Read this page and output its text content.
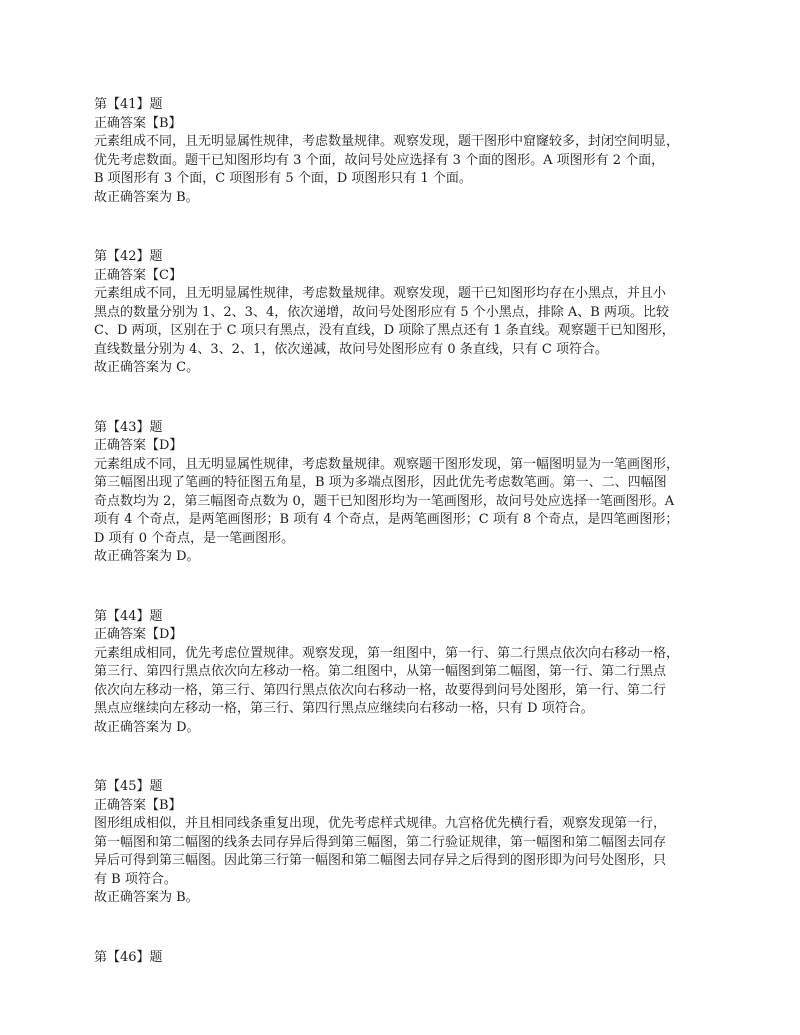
第【41】题
正确答案【B】
元素组成不同，且无明显属性规律，考虑数量规律。观察发现，题干图形中窟窿较多，封闭空间明显，
优先考虑数面。题干已知图形均有 3 个面，故问号处应选择有 3 个面的图形。A 项图形有 2 个面，
B 项图形有 3 个面，C 项图形有 5 个面，D 项图形只有 1 个面。
故正确答案为 B。
第【42】题
正确答案【C】
元素组成不同，且无明显属性规律，考虑数量规律。观察发现，题干已知图形均存在小黑点，并且小
黑点的数量分别为 1、2、3、4，依次递增，故问号处图形应有 5 个小黑点，排除 A、B 两项。比较
C、D 两项，区别在于 C 项只有黑点，没有直线，D 项除了黑点还有 1 条直线。观察题干已知图形，
直线数量分别为 4、3、2、1，依次递减，故问号处图形应有 0 条直线，只有 C 项符合。
故正确答案为 C。
第【43】题
正确答案【D】
元素组成不同，且无明显属性规律，考虑数量规律。观察题干图形发现，第一幅图明显为一笔画图形，
第三幅图出现了笔画的特征图五角星，B 项为多端点图形，因此优先考虑数笔画。第一、二、四幅图
奇点数均为 2，第三幅图奇点数为 0，题干已知图形均为一笔画图形，故问号处应选择一笔画图形。A
项有 4 个奇点，是两笔画图形；B 项有 4 个奇点，是两笔画图形；C 项有 8 个奇点，是四笔画图形；
D 项有 0 个奇点，是一笔画图形。
故正确答案为 D。
第【44】题
正确答案【D】
元素组成相同，优先考虑位置规律。观察发现，第一组图中，第一行、第二行黑点依次向右移动一格，
第三行、第四行黑点依次向左移动一格。第二组图中，从第一幅图到第二幅图，第一行、第二行黑点
依次向左移动一格，第三行、第四行黑点依次向右移动一格，故要得到问号处图形，第一行、第二行
黑点应继续向左移动一格，第三行、第四行黑点应继续向右移动一格，只有 D 项符合。
故正确答案为 D。
第【45】题
正确答案【B】
图形组成相似，并且相同线条重复出现，优先考虑样式规律。九宫格优先横行看，观察发现第一行，
第一幅图和第二幅图的线条去同存异后得到第三幅图，第二行验证规律，第一幅图和第二幅图去同存
异后可得到第三幅图。因此第三行第一幅图和第二幅图去同存异之后得到的图形即为问号处图形，只
有 B 项符合。
故正确答案为 B。
第【46】题
